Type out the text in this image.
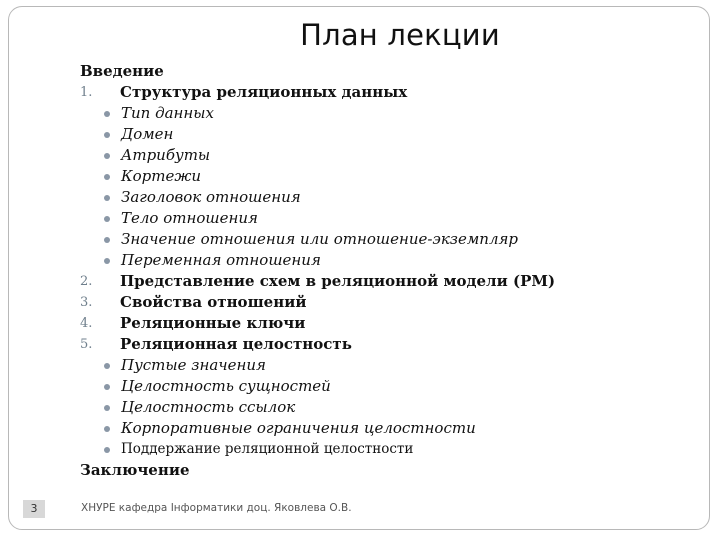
План лекции
Введение
1. Структура реляционных данных
Тип данных
Домен
Атрибуты
Кортежи
Заголовок отношения
Тело отношения
Значение отношения или отношение-экземпляр
Переменная отношения
2. Представление схем в реляционной модели (РМ)
3. Свойства отношений
4. Реляционные ключи
5. Реляционная целостность
Пустые значения
Целостность сущностей
Целостность ссылок
Корпоративные ограничения целостности
Поддержание реляционной целостности
Заключение
3	ХНУРЕ кафедра Інформатики доц. Яковлева О.В.
